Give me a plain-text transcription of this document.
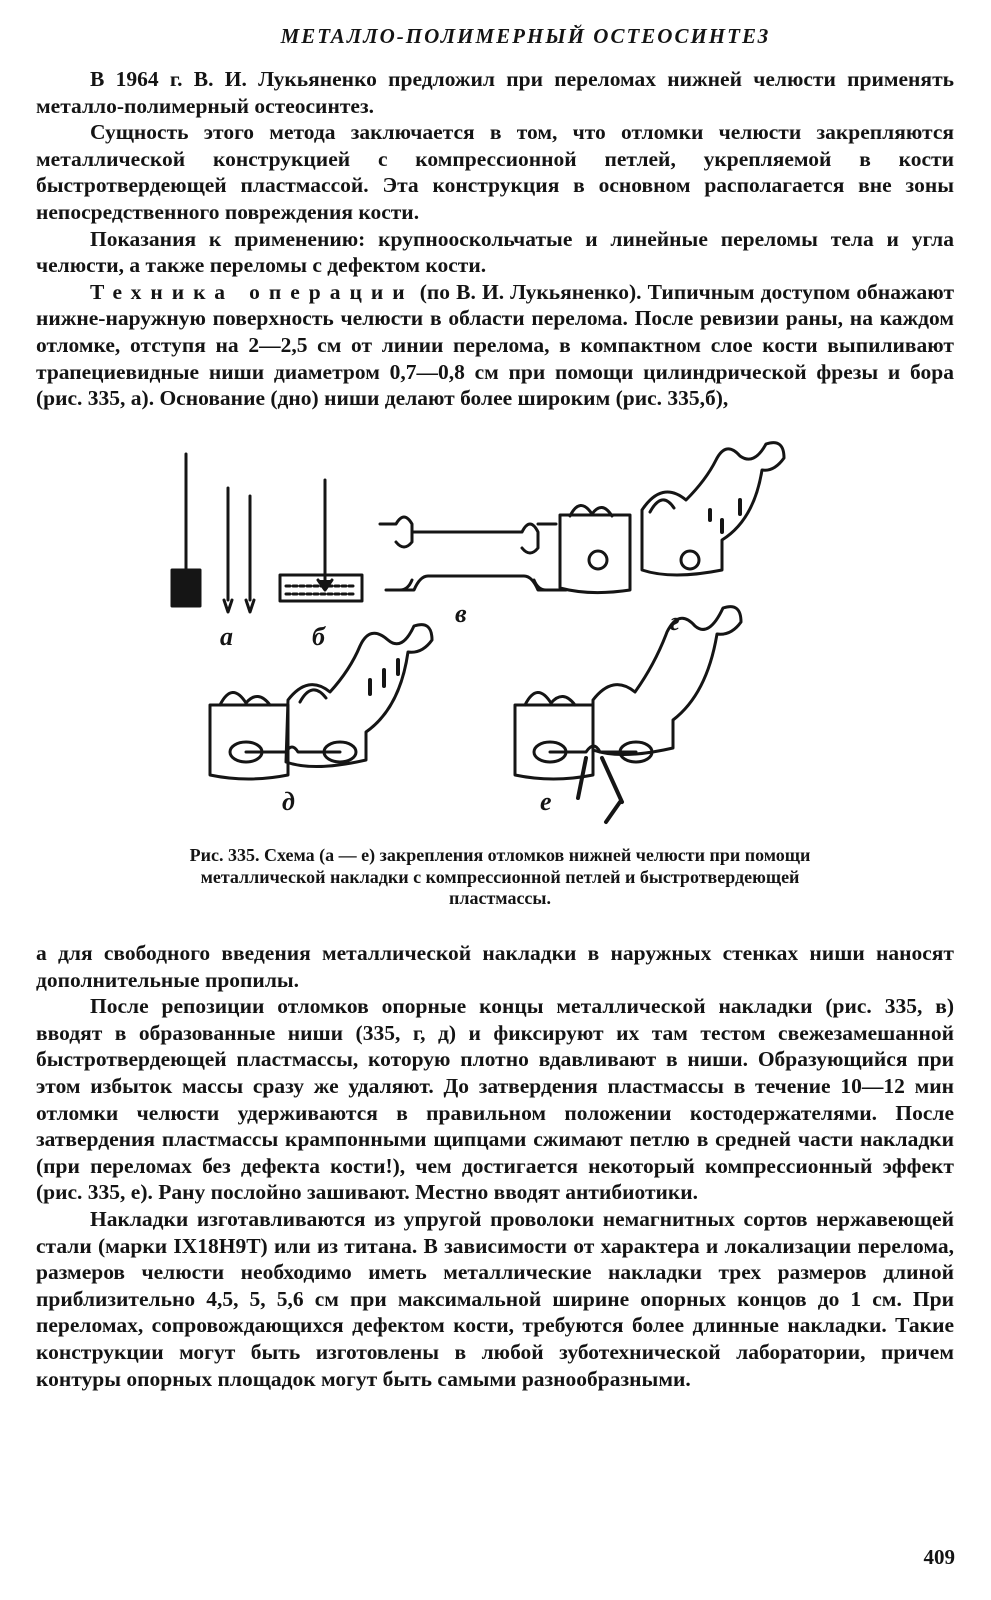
МЕТАЛЛО-ПОЛИМЕРНЫЙ ОСТЕОСИНТЕЗ

В 1964 г. В. И. Лукьяненко предложил при переломах нижней челюсти применять металло-полимерный остеосинтез.

Сущность этого метода заключается в том, что отломки челюсти закрепляются металлической конструкцией с компрессионной петлей, укрепляемой в кости быстротвердеющей пластмассой. Эта конструкция в основном располагается вне зоны непосредственного повреждения кости.

Показания к применению: крупнооскольчатые и линейные переломы тела и угла челюсти, а также переломы с дефектом кости.

Техника операции (по В. И. Лукьяненко). Типичным доступом обнажают нижне-наружную поверхность челюсти в области перелома. После ревизии раны, на каждом отломке, отступя на 2—2,5 см от линии перелома, в компактном слое кости выпиливают трапециевидные ниши диаметром 0,7—0,8 см при помощи цилиндрической фрезы и бора (рис. 335, а). Основание (дно) ниши делают более широким (рис. 335,б),

а	б
в	г
д	е
Рис. 335. Схема (а — е) закрепления отломков нижней челюсти при помощи металлической накладки с компрессионной петлей и быстротвердеющей пластмассы.

а для свободного введения металлической накладки в наружных стенках ниши наносят дополнительные пропилы.

После репозиции отломков опорные концы металлической накладки (рис. 335, в) вводят в образованные ниши (335, г, д) и фиксируют их там тестом свежезамешанной быстротвердеющей пластмассы, которую плотно вдавливают в ниши. Образующийся при этом избыток массы сразу же удаляют. До затвердения пластмассы в течение 10—12 мин отломки челюсти удерживаются в правильном положении костодержателями. После затвердения пластмассы крампонными щипцами сжимают петлю в средней части накладки (при переломах без дефекта кости!), чем достигается некоторый компрессионный эффект (рис. 335, е). Рану послойно зашивают. Местно вводят антибиотики.

Накладки изготавливаются из упругой проволоки немагнитных сортов нержавеющей стали (марки IХ18Н9Т) или из титана. В зависимости от характера и локализации перелома, размеров челюсти необходимо иметь металлические накладки трех размеров длиной приблизительно 4,5, 5, 5,6 см при максимальной ширине опорных концов до 1 см. При переломах, сопровождающихся дефектом кости, требуются более длинные накладки. Такие конструкции могут быть изготовлены в любой зуботехнической лаборатории, причем контуры опорных площадок могут быть самыми разнообразными.

409
